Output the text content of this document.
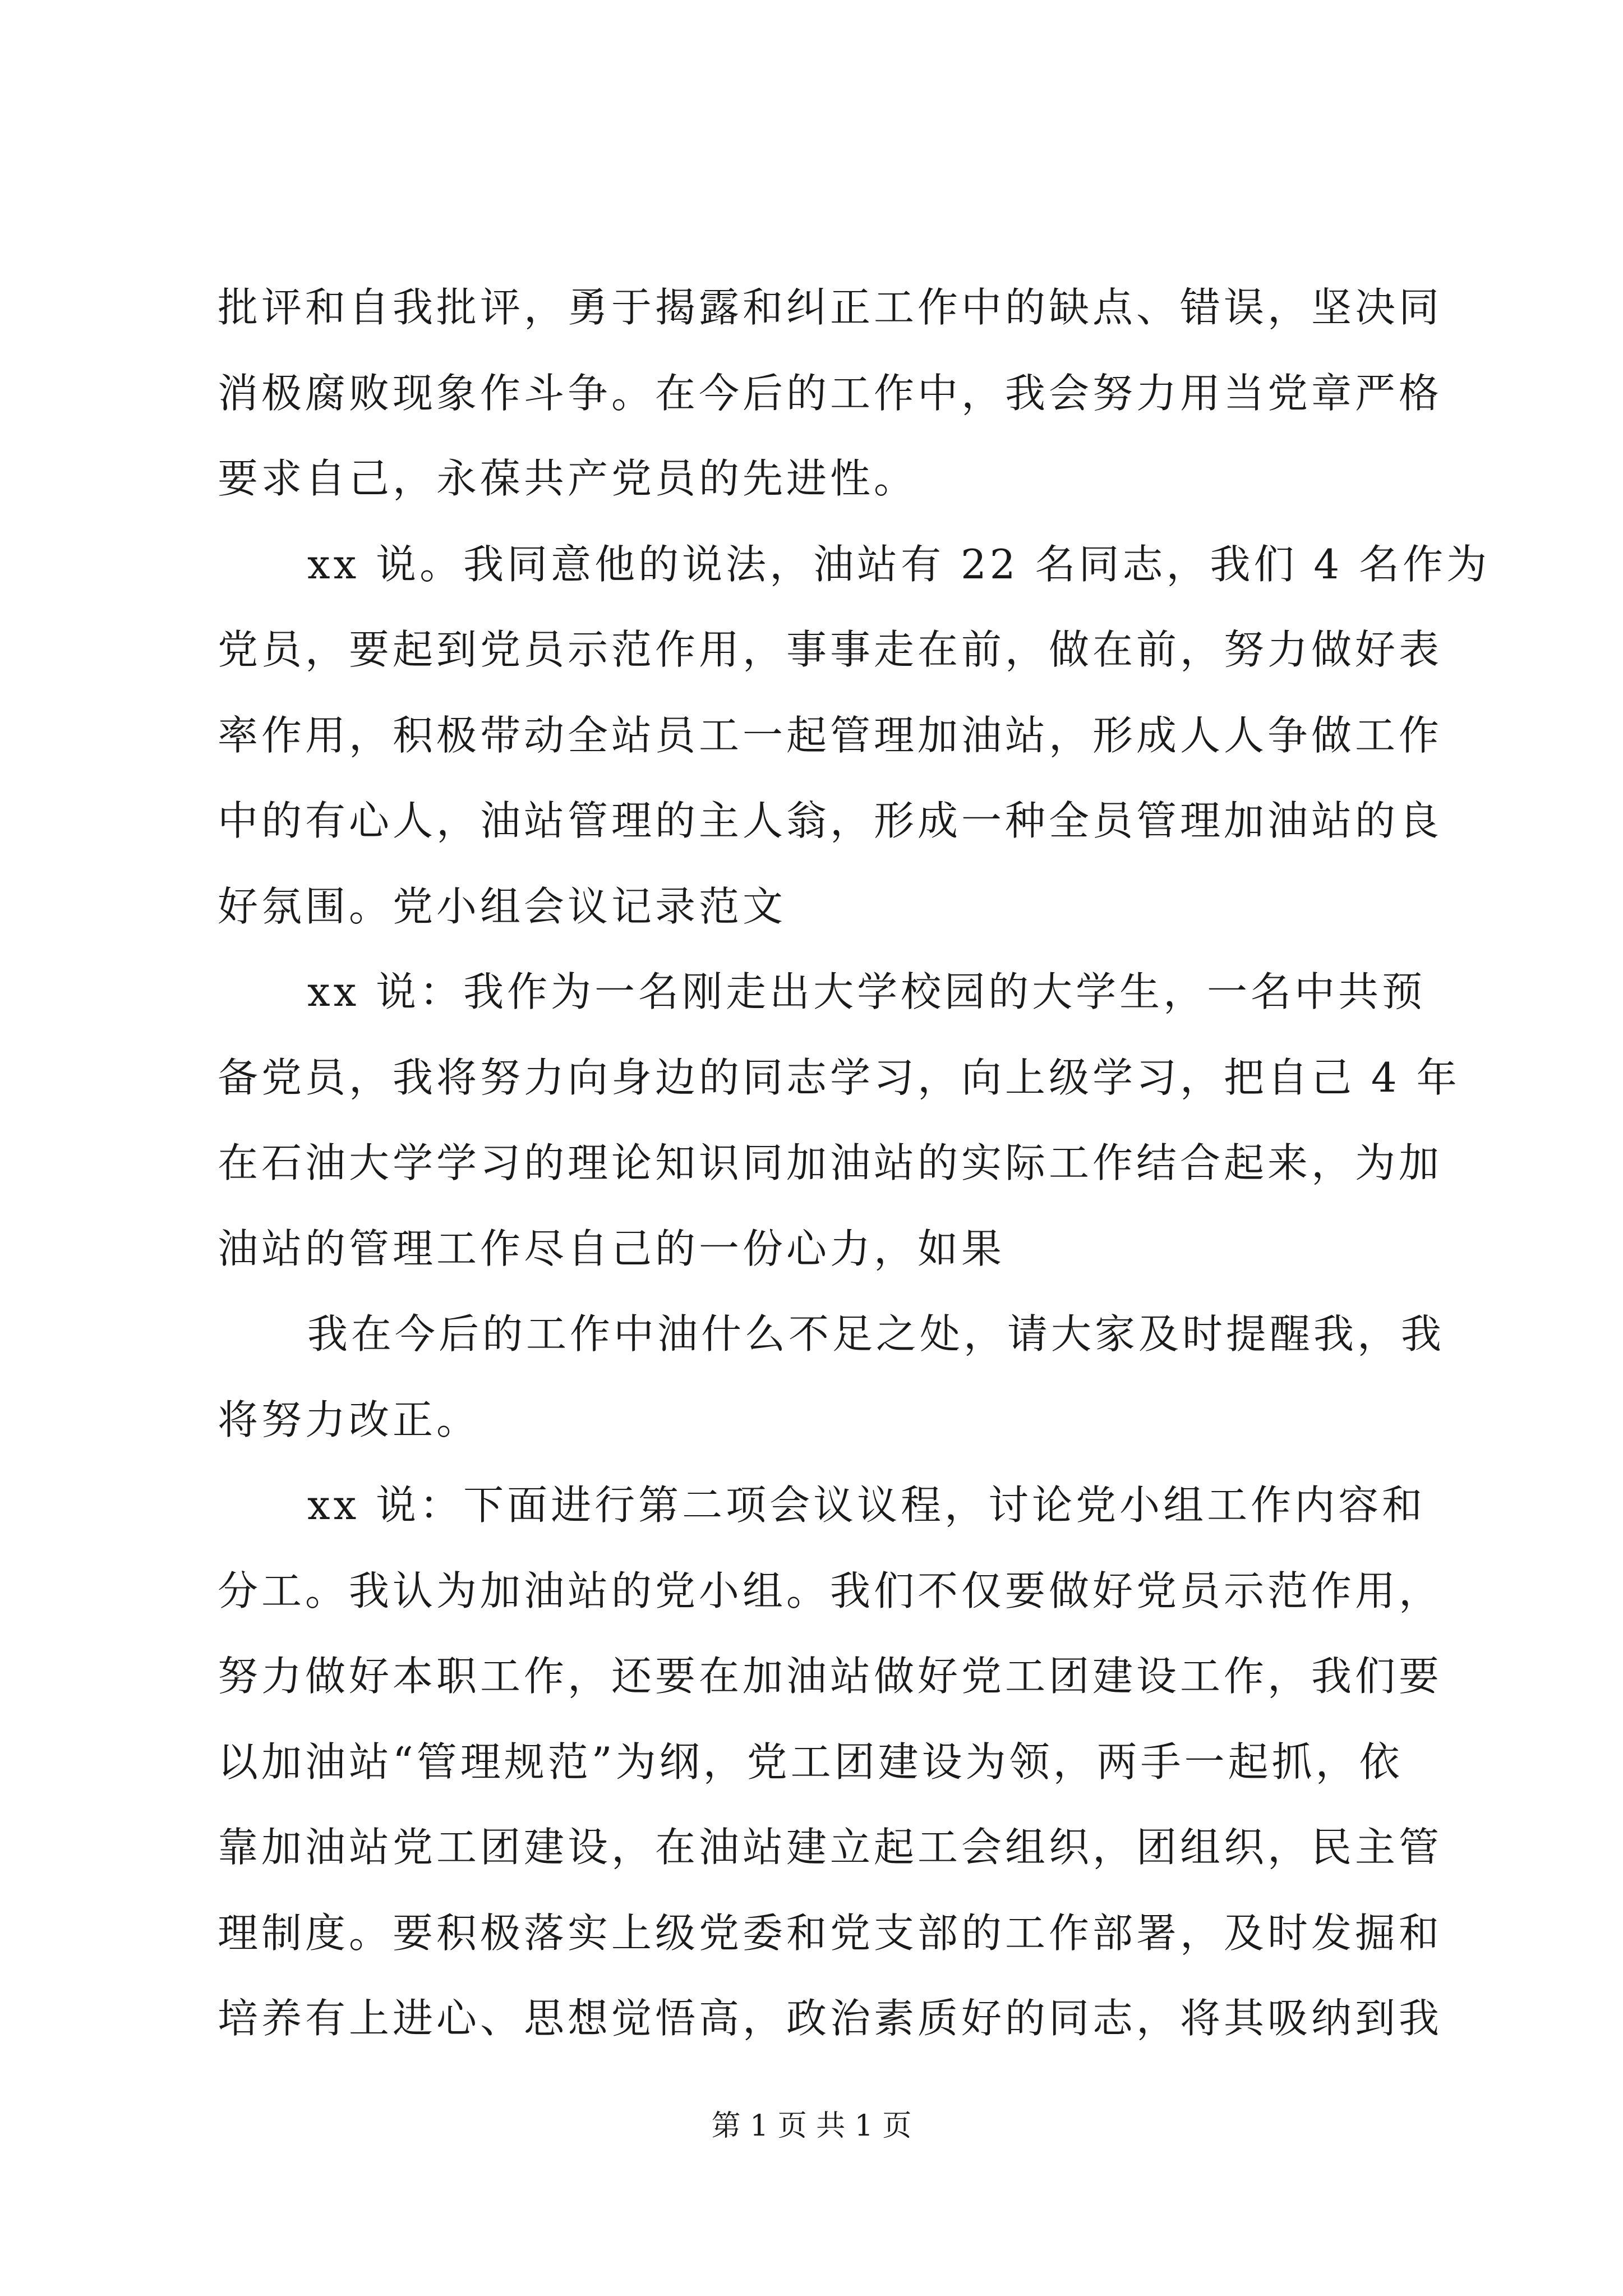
批评和自我批评，勇于揭露和纠正工作中的缺点、错误，坚决同
消极腐败现象作斗争。在今后的工作中，我会努力用当党章严格
要求自己，永葆共产党员的先进性。
xx 说。我同意他的说法，油站有 22 名同志，我们 4 名作为
党员，要起到党员示范作用，事事走在前，做在前，努力做好表
率作用，积极带动全站员工一起管理加油站，形成人人争做工作
中的有心人，油站管理的主人翁，形成一种全员管理加油站的良
好氛围。党小组会议记录范文
xx 说：我作为一名刚走出大学校园的大学生，一名中共预
备党员，我将努力向身边的同志学习，向上级学习，把自己 4 年
在石油大学学习的理论知识同加油站的实际工作结合起来，为加
油站的管理工作尽自己的一份心力，如果
我在今后的工作中油什么不足之处，请大家及时提醒我，我
将努力改正。
xx 说：下面进行第二项会议议程，讨论党小组工作内容和
分工。我认为加油站的党小组。我们不仅要做好党员示范作用，
努力做好本职工作，还要在加油站做好党工团建设工作，我们要
以加油站“管理规范”为纲，党工团建设为领，两手一起抓，依
靠加油站党工团建设，在油站建立起工会组织，团组织，民主管
理制度。要积极落实上级党委和党支部的工作部署，及时发掘和
培养有上进心、思想觉悟高，政治素质好的同志，将其吸纳到我
第 1 页 共 1 页
